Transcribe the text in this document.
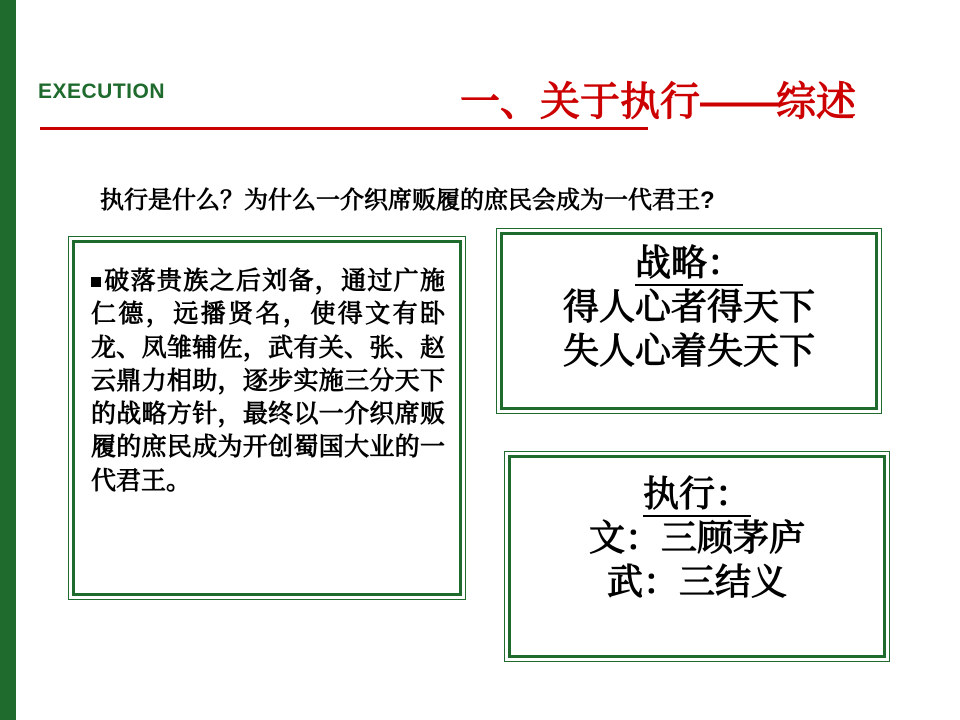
EXECUTION	一、关于执行——综述
执行是什么？为什么一介织席贩履的庶民会成为一代君王?
破落贵族之后刘备，通过广施仁德，远播贤名，使得文有卧龙、凤雏辅佐，武有关、张、赵云鼎力相助，逐步实施三分天下的战略方针，最终以一介织席贩履的庶民成为开创蜀国大业的一代君王。
战略：
得人心者得天下
失人心着失天下
执行：
文：三顾茅庐
武：三结义
